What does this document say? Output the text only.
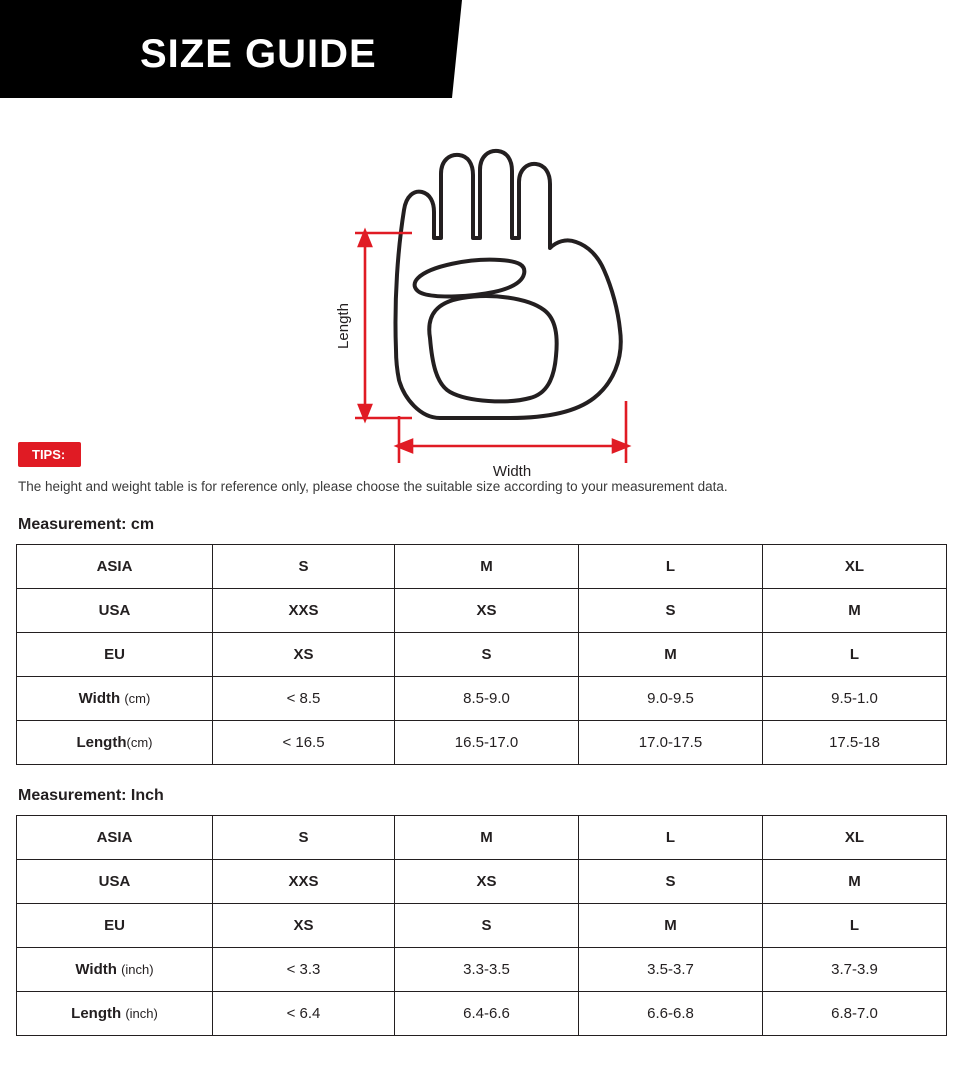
SIZE GUIDE
Length
Width
TIPS:
The height and weight table is for reference only, please choose the suitable size according to your measurement data.
Measurement: cm
ASIA	S	M	L	XL
USA	XXS	XS	S	M
EU	XS	S	M	L
Width (cm)	< 8.5	8.5-9.0	9.0-9.5	9.5-1.0
Length(cm)	< 16.5	16.5-17.0	17.0-17.5	17.5-18
Measurement: Inch
ASIA	S	M	L	XL
USA	XXS	XS	S	M
EU	XS	S	M	L
Width (inch)	< 3.3	3.3-3.5	3.5-3.7	3.7-3.9
Length (inch)	< 6.4	6.4-6.6	6.6-6.8	6.8-7.0
